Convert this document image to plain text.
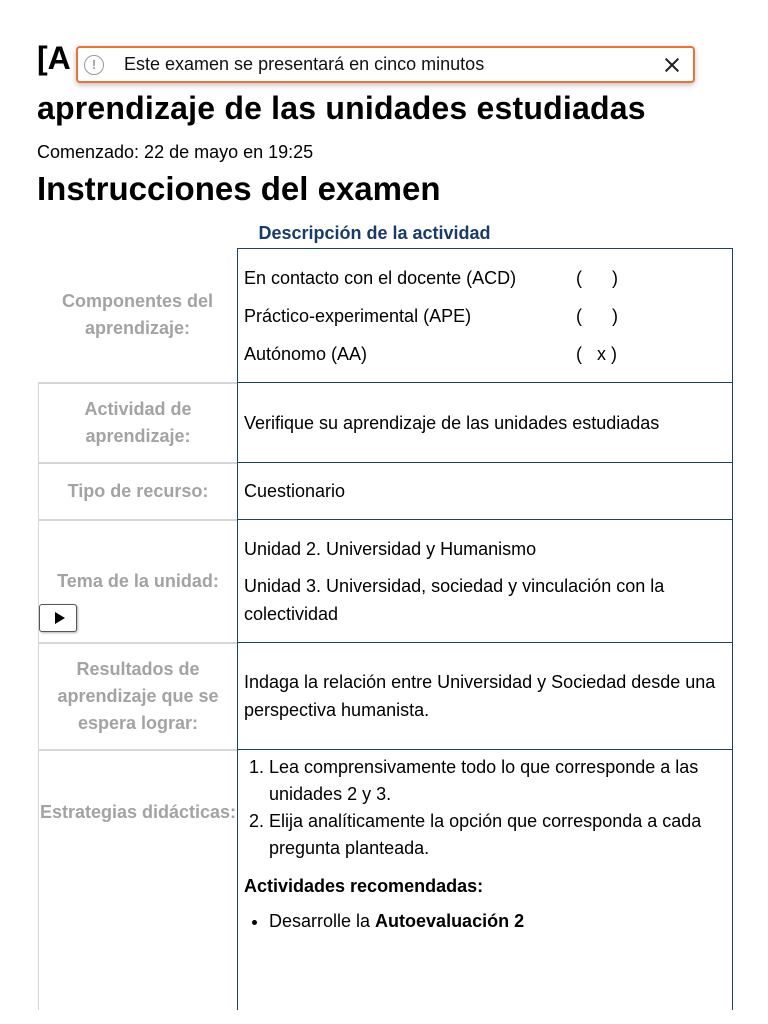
[A
aprendizaje de las unidades estudiadas
!	Este examen se presentará en cinco minutos
Comenzado: 22 de mayo en 19:25
Instrucciones del examen
Descripción de la actividad
Componentes del aprendizaje:
En contacto con el docente (ACD)	(      )
Práctico-experimental (APE)	(      )
Autónomo (AA)	(   x )
Actividad de aprendizaje:
Verifique su aprendizaje de las unidades estudiadas
Tipo de recurso:	Cuestionario
Tema de la unidad:
Unidad 2. Universidad y Humanismo
Unidad 3. Universidad, sociedad y vinculación con la colectividad
Resultados de aprendizaje que se espera lograr:
Indaga la relación entre Universidad y Sociedad desde una perspectiva humanista.
Estrategias didácticas:
1. Lea comprensivamente todo lo que corresponde a las unidades 2 y 3.
2. Elija analíticamente la opción que corresponda a cada pregunta planteada.
Actividades recomendadas:
• Desarrolle la Autoevaluación 2
